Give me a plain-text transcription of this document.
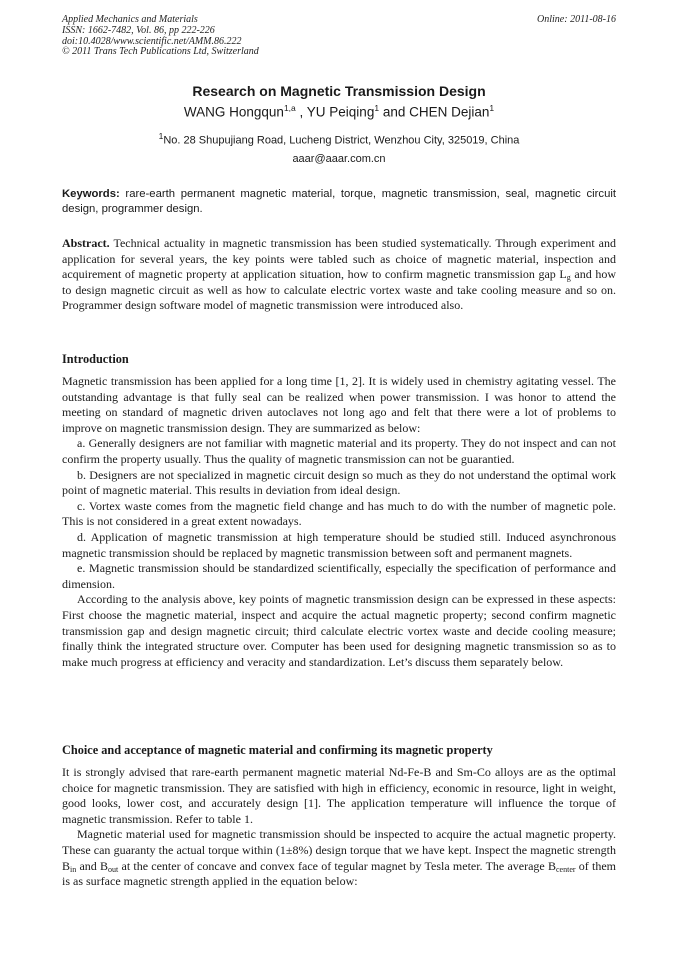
Applied Mechanics and Materials
ISSN: 1662-7482, Vol. 86, pp 222-226
doi:10.4028/www.scientific.net/AMM.86.222
© 2011 Trans Tech Publications Ltd, Switzerland
Online: 2011-08-16
Research on Magnetic Transmission Design
WANG Hongqun$^{1,a}$ , YU Peiqing$^1$ and CHEN Dejian$^1$
$^1$No. 28 Shupujiang Road, Lucheng District, Wenzhou City, 325019, China
aaar@aaar.com.cn
Keywords: rare-earth permanent magnetic material, torque, magnetic transmission, seal, magnetic circuit design, programmer design.

Abstract. Technical actuality in magnetic transmission has been studied systematically. Through experiment and application for several years, the key points were tabled such as choice of magnetic material, inspection and acquirement of magnetic property at application situation, how to confirm magnetic transmission gap $L_g$ and how to design magnetic circuit as well as how to calculate electric vortex waste and take cooling measure and so on. Programmer design software model of magnetic transmission were introduced also.

Introduction

Magnetic transmission has been applied for a long time [1, 2]. It is widely used in chemistry agitating vessel. The outstanding advantage is that fully seal can be realized when power transmission. I was honor to attend the meeting on standard of magnetic driven autoclaves not long ago and felt that there were a lot of problems to improve on magnetic transmission design. They are summarized as below:

a. Generally designers are not familiar with magnetic material and its property. They do not inspect and can not confirm the property usually. Thus the quality of magnetic transmission can not be guarantied.

b. Designers are not specialized in magnetic circuit design so much as they do not understand the optimal work point of magnetic material. This results in deviation from ideal design.

c. Vortex waste comes from the magnetic field change and has much to do with the number of magnetic pole. This is not considered in a great extent nowadays.

d. Application of magnetic transmission at high temperature should be studied still. Induced asynchronous magnetic transmission should be replaced by magnetic transmission between soft and permanent magnets.

e. Magnetic transmission should be standardized scientifically, especially the specification of performance and dimension.

According to the analysis above, key points of magnetic transmission design can be expressed in these aspects: First choose the magnetic material, inspect and acquire the actual magnetic property; second confirm magnetic transmission gap and design magnetic circuit; third calculate electric vortex waste and decide cooling measure; finally think the integrated structure over. Computer has been used for designing magnetic transmission so as to make much progress at efficiency and veracity and standardization. Let’s discuss them separately below.

Choice and acceptance of magnetic material and confirming its magnetic property

It is strongly advised that rare-earth permanent magnetic material Nd-Fe-B and Sm-Co alloys are as the optimal choice for magnetic transmission. They are satisfied with high in efficiency, economic in resource, light in weight, good looks, lower cost, and accurately design [1]. The application temperature will influence the torque of magnetic transmission. Refer to table 1.

Magnetic material used for magnetic transmission should be inspected to acquire the actual magnetic property. These can guaranty the actual torque within (1±8%) design torque that we have kept. Inspect the magnetic strength $B_{in}$ and $B_{out}$ at the center of concave and convex face of tegular magnet by Tesla meter. The average $B_{center}$ of them is as surface magnetic strength applied in the equation below:
